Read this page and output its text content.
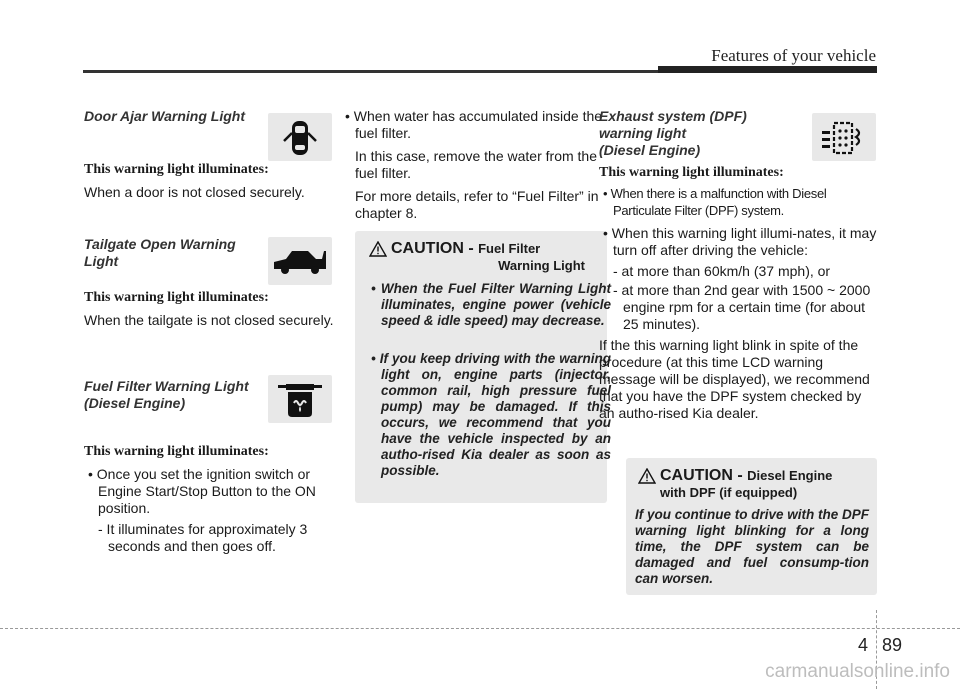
Features of your vehicle
Door Ajar Warning Light
This warning light illuminates:

When a door is not closed securely.

Tailgate Open Warning
Light
This warning light illuminates:

When the tailgate is not closed securely.

Fuel Filter Warning Light
(Diesel Engine)
This warning light illuminates:

• Once you set the ignition switch or Engine Start/Stop Button to the ON position.

- It illuminates for approximately 3 seconds and then goes off.

• When water has accumulated inside the fuel filter.

In this case, remove the water from the fuel filter.

For more details, refer to “Fuel Filter” in chapter 8.

CAUTION - Fuel Filter
Warning Light

• When the Fuel Filter Warning Light illuminates, engine power (vehicle speed & idle speed) may decrease.

• If you keep driving with the warning light on, engine parts (injector, common rail, high pressure fuel pump) may be damaged. If this occurs, we recommend that you have the vehicle inspected by an autho-rised Kia dealer as soon as possible.

Exhaust system (DPF)
warning light
(Diesel Engine)
This warning light illuminates:

• When there is a malfunction with Diesel Particulate Filter (DPF) system.

• When this warning light illumi-nates, it may turn off after driving the vehicle:

- at more than 60km/h (37 mph), or

- at more than 2nd gear with 1500 ~ 2000 engine rpm for a certain time (for about 25 minutes).

If the this warning light blink in spite of the procedure (at this time LCD warning message will be displayed), we recommend that you have the DPF system checked by an autho-rised Kia dealer.

CAUTION - Diesel Engine
with DPF (if equipped)

If you continue to drive with the DPF warning light blinking for a long time, the DPF system can be damaged and fuel consump-tion can worsen.

4 89
carmanualsonline.info
